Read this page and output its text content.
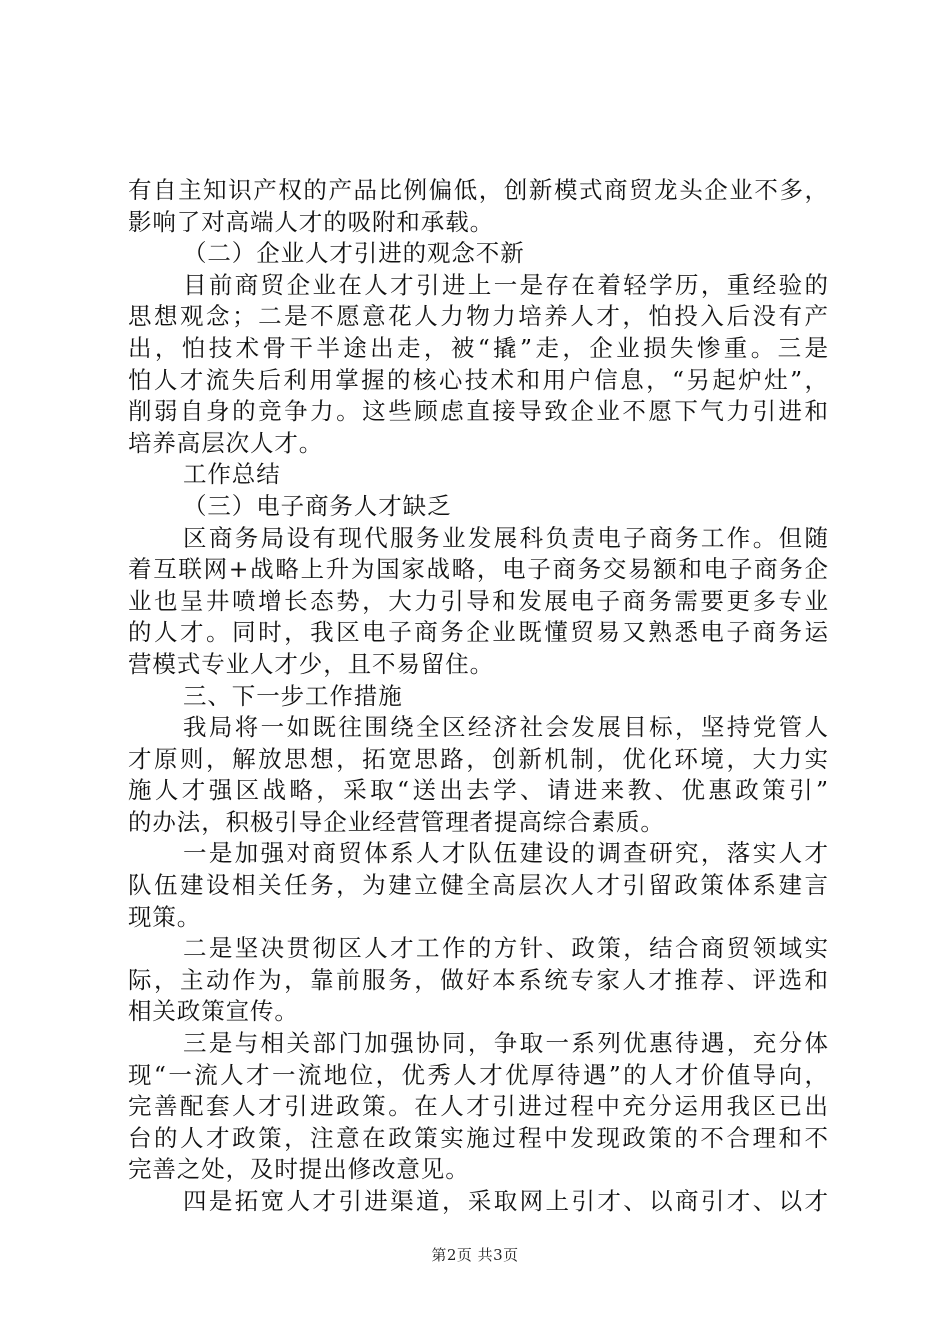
有自主知识产权的产品比例偏低，创新模式商贸龙头企业不多，
影响了对高端人才的吸附和承载。
（二）企业人才引进的观念不新
目前商贸企业在人才引进上一是存在着轻学历，重经验的
思想观念；二是不愿意花人力物力培养人才，怕投入后没有产
出，怕技术骨干半途出走，被“撬”走，企业损失惨重。三是
怕人才流失后利用掌握的核心技术和用户信息，“另起炉灶”，
削弱自身的竞争力。这些顾虑直接导致企业不愿下气力引进和
培养高层次人才。
工作总结
（三）电子商务人才缺乏
区商务局设有现代服务业发展科负责电子商务工作。但随
着互联网+战略上升为国家战略，电子商务交易额和电子商务企
业也呈井喷增长态势，大力引导和发展电子商务需要更多专业
的人才。同时，我区电子商务企业既懂贸易又熟悉电子商务运
营模式专业人才少，且不易留住。
三、下一步工作措施
我局将一如既往围绕全区经济社会发展目标，坚持党管人
才原则，解放思想，拓宽思路，创新机制，优化环境，大力实
施人才强区战略，采取“送出去学、请进来教、优惠政策引”
的办法，积极引导企业经营管理者提高综合素质。
一是加强对商贸体系人才队伍建设的调查研究，落实人才
队伍建设相关任务，为建立健全高层次人才引留政策体系建言
现策。
二是坚决贯彻区人才工作的方针、政策，结合商贸领域实
际，主动作为，靠前服务，做好本系统专家人才推荐、评选和
相关政策宣传。
三是与相关部门加强协同，争取一系列优惠待遇，充分体
现“一流人才一流地位，优秀人才优厚待遇”的人才价值导向，
完善配套人才引进政策。在人才引进过程中充分运用我区已出
台的人才政策，注意在政策实施过程中发现政策的不合理和不
完善之处，及时提出修改意见。
四是拓宽人才引进渠道，采取网上引才、以商引才、以才
第2页 共3页
